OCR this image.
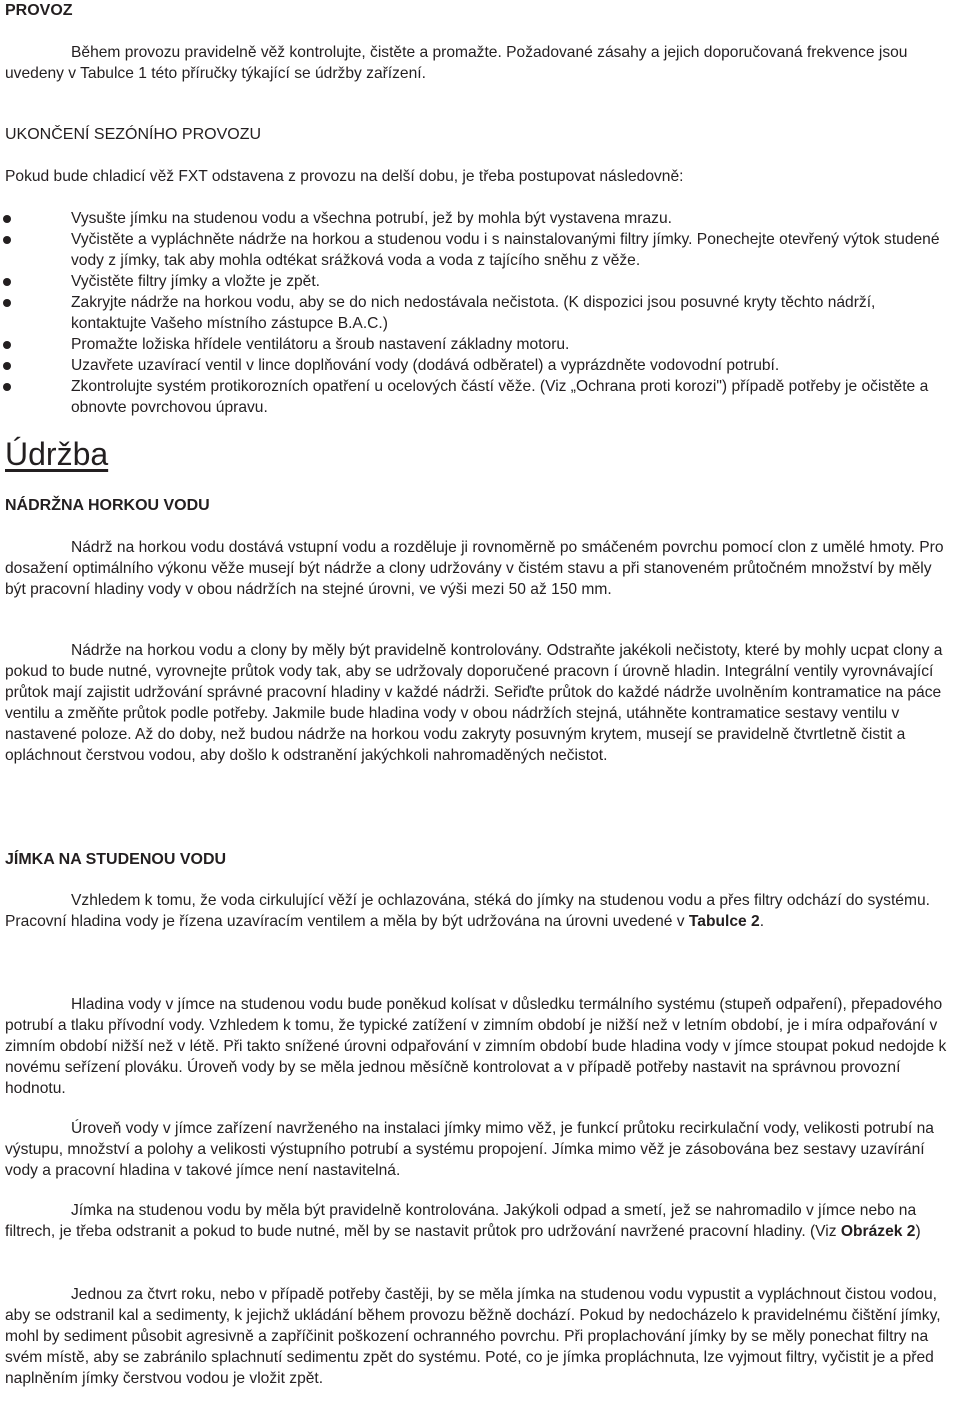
PROVOZ

Během provozu pravidelně věž kontrolujte, čistěte a promažte. Požadované zásahy a jejich doporučovaná frekvence jsou uvedeny v Tabulce 1 této příručky týkající se údržby zařízení.

UKONČENÍ SEZÓNÍHO PROVOZU

Pokud bude chladicí věž FXT odstavena z provozu na delší dobu, je třeba postupovat následovně:

Vysušte jímku na studenou vodu a všechna potrubí, jež by mohla být vystavena mrazu.
Vyčistěte a vypláchněte nádrže na horkou a studenou vodu i s nainstalovanými filtry jímky. Ponechejte otevřený výtok studené vody z jímky, tak aby mohla odtékat srážková voda a voda z tajícího sněhu z věže.
Vyčistěte filtry jímky a vložte je zpět.
Zakryjte nádrže na horkou vodu, aby se do nich nedostávala nečistota. (K dispozici jsou posuvné kryty těchto nádrží, kontaktujte Vašeho místního zástupce B.A.C.)
Promažte ložiska hřídele ventilátoru a šroub nastavení základny motoru.
Uzavřete uzavírací ventil v lince doplňování vody (dodává odběratel) a vyprázdněte vodovodní potrubí.
Zkontrolujte systém protikorozních opatření u ocelových částí věže. (Viz „Ochrana proti korozi") případě potřeby je očistěte a obnovte povrchovou úpravu.
Údržba
NÁDRŽNA HORKOU VODU

Nádrž na horkou vodu dostává vstupní vodu a rozděluje ji rovnoměrně po smáčeném povrchu pomocí clon z umělé hmoty. Pro dosažení optimálního výkonu věže musejí být nádrže a clony udržovány v čistém stavu a při stanoveném průtočném množství by měly být pracovní hladiny vody v obou nádržích na stejné úrovni, ve výši mezi 50 až 150 mm.

Nádrže na horkou vodu a clony by měly být pravidelně kontrolovány. Odstraňte jakékoli nečistoty, které by mohly ucpat clony a pokud to bude nutné, vyrovnejte průtok vody tak, aby se udržovaly doporučené pracovn í úrovně hladin. Integrální ventily vyrovnávající průtok mají zajistit udržování správné pracovní hladiny v každé nádrži. Seřiďte průtok do každé nádrže uvolněním kontramatice na páce ventilu a změňte průtok podle potřeby. Jakmile bude hladina vody v obou nádržích stejná, utáhněte kontramatice sestavy ventilu v nastavené poloze. Až do doby, než budou nádrže na horkou vodu zakryty posuvným krytem, musejí se pravidelně čtvrtletně čistit a opláchnout čerstvou vodou, aby došlo k odstranění jakýchkoli nahromaděných nečistot.

JÍMKA NA STUDENOU VODU

Vzhledem k tomu, že voda cirkulující věží je ochlazována, stéká do jímky na studenou vodu a přes filtry odchází do systému. Pracovní hladina vody je řízena uzavíracím ventilem a měla by být udržována na úrovni uvedené v Tabulce 2.

Hladina vody v jímce na studenou vodu bude poněkud kolísat v důsledku termálního systému (stupeň odpaření), přepadového potrubí a tlaku přívodní vody. Vzhledem k tomu, že typické zatížení v zimním období je nižší než v letním období, je i míra odpařování v zimním období nižší než v létě. Při takto snížené úrovni odpařování v zimním období bude hladina vody v jímce stoupat pokud nedojde k novému seřízení plováku. Úroveň vody by se měla jednou měsíčně kontrolovat a v případě potřeby nastavit na správnou provozní hodnotu.

Úroveň vody v jímce zařízení navrženého na instalaci jímky mimo věž, je funkcí průtoku recirkulační vody, velikosti potrubí na výstupu, množství a polohy a velikosti výstupního potrubí a systému propojení. Jímka mimo věž je zásobována bez sestavy uzavírání vody a pracovní hladina v takové jímce není nastavitelná.

Jímka na studenou vodu by měla být pravidelně kontrolována. Jakýkoli odpad a smetí, jež se nahromadilo v jímce nebo na filtrech, je třeba odstranit a pokud to bude nutné, měl by se nastavit průtok pro udržování navržené pracovní hladiny. (Viz Obrázek 2)

Jednou za čtvrt roku, nebo v případě potřeby častěji, by se měla jímka na studenou vodu vypustit a vypláchnout čistou vodou, aby se odstranil kal a sedimenty, k jejichž ukládání během provozu běžně dochází. Pokud by nedocházelo k pravidelnému čištění jímky, mohl by sediment působit agresivně a zapříčinit poškození ochranného povrchu. Při proplachování jímky by se měly ponechat filtry na svém místě, aby se zabránilo splachnutí sedimentu zpět do systému. Poté, co je jímka propláchnuta, lze vyjmout filtry, vyčistit je a před naplněním jímky čerstvou vodou je vložit zpět.
